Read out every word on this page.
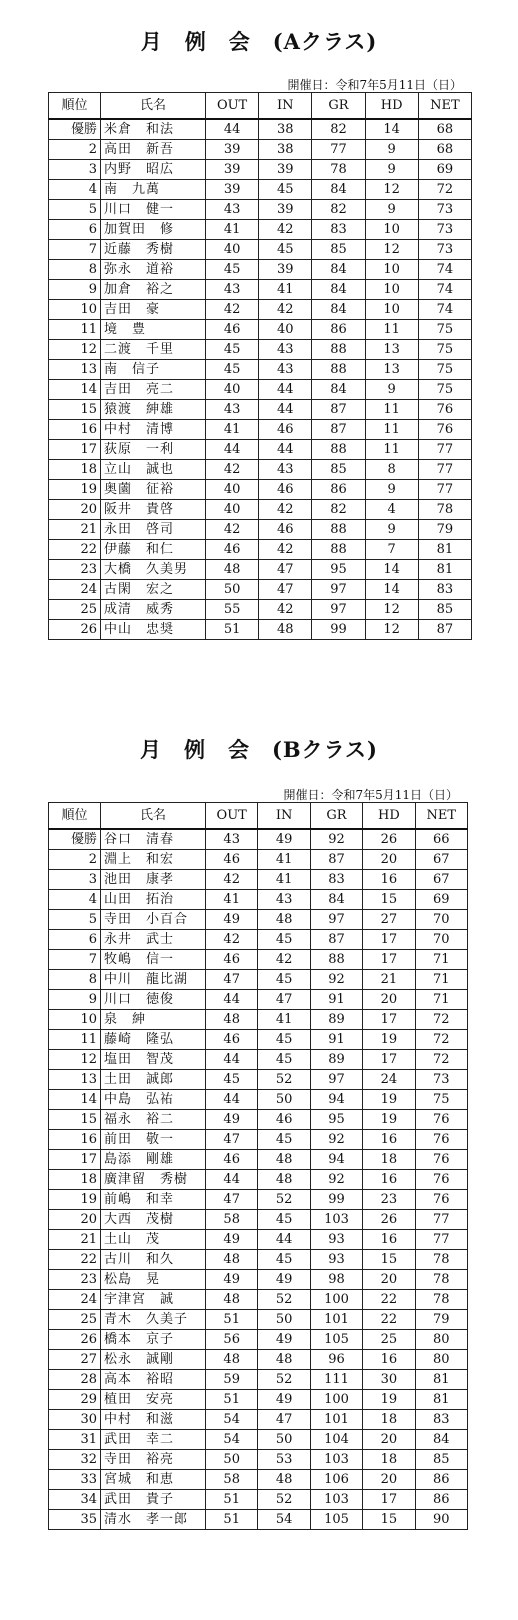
月　例　会　(Aクラス)
開催日：令和7年5月11日（日）
順位	氏名	OUT	IN	GR	HD	NET
優勝	米倉　和法	44	38	82	14	68
2	高田　新吾	39	38	77	9	68
3	内野　昭広	39	39	78	9	69
4	南　九萬	39	45	84	12	72
5	川口　健一	43	39	82	9	73
6	加賀田　修	41	42	83	10	73
7	近藤　秀樹	40	45	85	12	73
8	弥永　道裕	45	39	84	10	74
9	加倉　裕之	43	41	84	10	74
10	吉田　豪	42	42	84	10	74
11	境　豊	46	40	86	11	75
12	二渡　千里	45	43	88	13	75
13	南　信子	45	43	88	13	75
14	吉田　亮二	40	44	84	9	75
15	猿渡　紳雄	43	44	87	11	76
16	中村　清博	41	46	87	11	76
17	荻原　一利	44	44	88	11	77
18	立山　誠也	42	43	85	8	77
19	奥薗　征裕	40	46	86	9	77
20	阪井　貴啓	40	42	82	4	78
21	永田　啓司	42	46	88	9	79
22	伊藤　和仁	46	42	88	7	81
23	大橋　久美男	48	47	95	14	81
24	古閑　宏之	50	47	97	14	83
25	成清　威秀	55	42	97	12	85
26	中山　忠奨	51	48	99	12	87
月　例　会　(Bクラス)
開催日：令和7年5月11日（日）
順位	氏名	OUT	IN	GR	HD	NET
優勝	谷口　清春	43	49	92	26	66
2	淵上　和宏	46	41	87	20	67
3	池田　康孝	42	41	83	16	67
4	山田　拓治	41	43	84	15	69
5	寺田　小百合	49	48	97	27	70
6	永井　武士	42	45	87	17	70
7	牧嶋　信一	46	42	88	17	71
8	中川　龍比湖	47	45	92	21	71
9	川口　徳俊	44	47	91	20	71
10	泉　紳	48	41	89	17	72
11	藤崎　隆弘	46	45	91	19	72
12	塩田　智茂	44	45	89	17	72
13	土田　誠郎	45	52	97	24	73
14	中島　弘祐	44	50	94	19	75
15	福永　裕二	49	46	95	19	76
16	前田　敬一	47	45	92	16	76
17	島添　剛雄	46	48	94	18	76
18	廣津留　秀樹	44	48	92	16	76
19	前嶋　和幸	47	52	99	23	76
20	大西　茂樹	58	45	103	26	77
21	土山　茂	49	44	93	16	77
22	古川　和久	48	45	93	15	78
23	松島　晃	49	49	98	20	78
24	宇津宮　誠	48	52	100	22	78
25	青木　久美子	51	50	101	22	79
26	橋本　京子	56	49	105	25	80
27	松永　誠剛	48	48	96	16	80
28	高本　裕昭	59	52	111	30	81
29	植田　安亮	51	49	100	19	81
30	中村　和滋	54	47	101	18	83
31	武田　幸二	54	50	104	20	84
32	寺田　裕亮	50	53	103	18	85
33	宮城　和恵	58	48	106	20	86
34	武田　貴子	51	52	103	17	86
35	清水　孝一郎	51	54	105	15	90
